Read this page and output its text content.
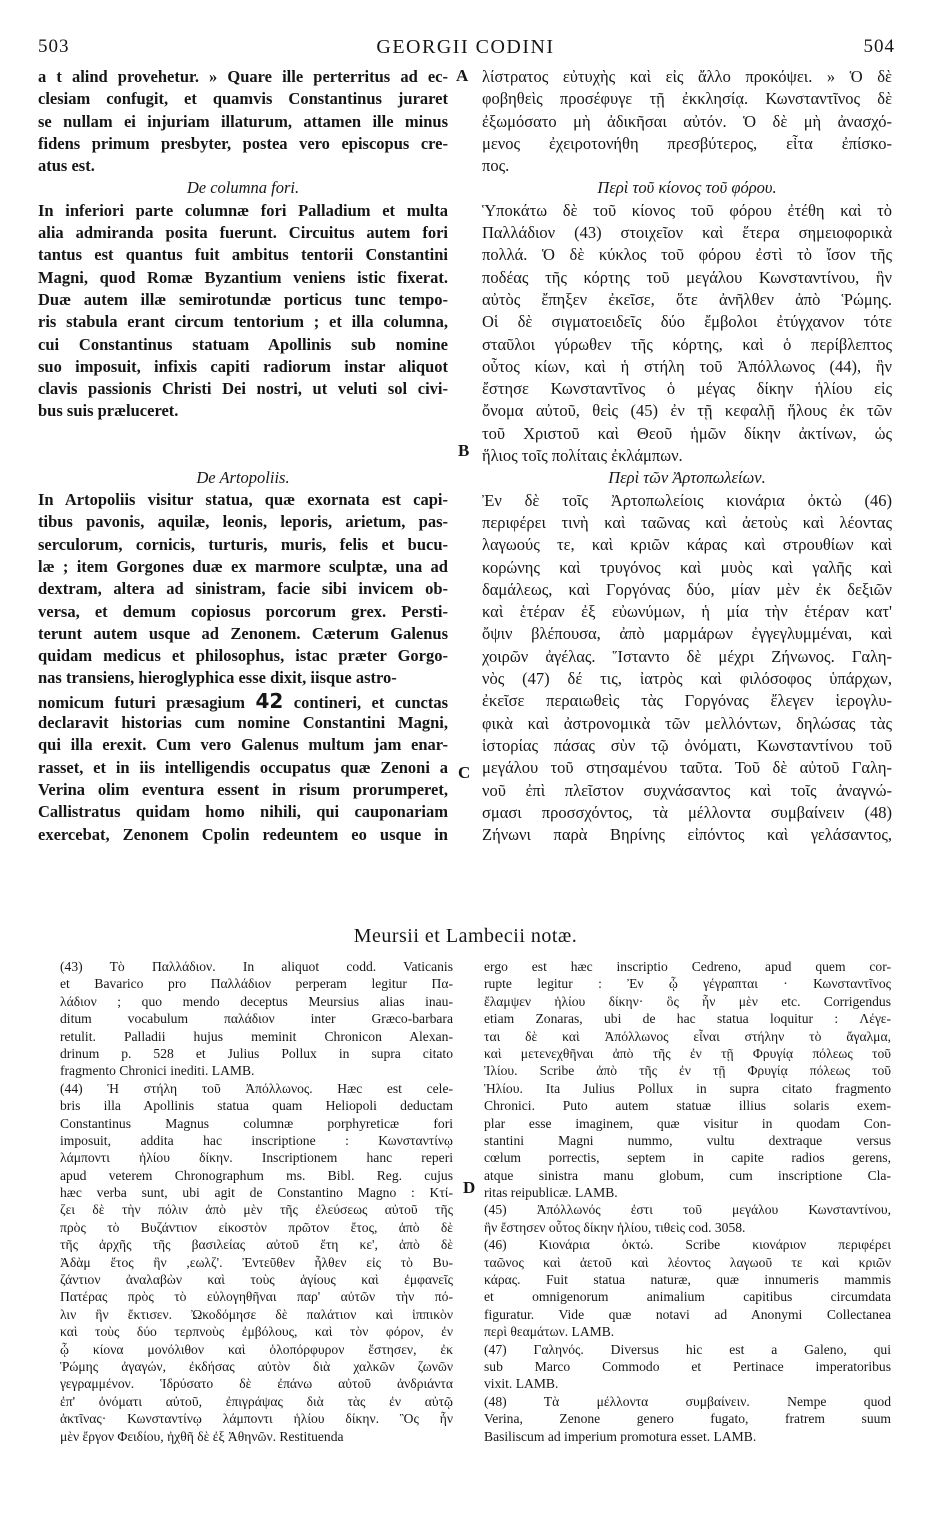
503	GEORGII CODINI	504
a t alind provehetur. » Quare ille perterritus ad ec-
clesiam confugit, et quamvis Constantinus juraret
se nullam ei injuriam illaturum, attamen ille minus
fidens primum presbyter, postea vero episcopus cre-
atus est.
De columna fori.
In inferiori parte columnæ fori Palladium et multa
alia admiranda posita fuerunt. Circuitus autem fori
tantus est quantus fuit ambitus tentorii Constantini
Magni, quod Romæ Byzantium veniens istic fixerat.
Duæ autem illæ semirotundæ porticus tunc tempo-
ris stabula erant circum tentorium ; et illa columna,
cui Constantinus statuam Apollinis sub nomine
suo imposuit, infixis capiti radiorum instar aliquot
clavis passionis Christi Dei nostri, ut veluti sol civi-
bus suis præluceret.
De Artopoliis.
In Artopoliis visitur statua, quæ exornata est capi-
tibus pavonis, aquilæ, leonis, leporis, arietum, pas-
serculorum, cornicis, turturis, muris, felis et bucu-
læ ; item Gorgones duæ ex marmore sculptæ, una ad
dextram, altera ad sinistram, facie sibi invicem ob-
versa, et demum copiosus porcorum grex. Persti-
terunt autem usque ad Zenonem. Cæterum Galenus
quidam medicus et philosophus, istac præter Gorgo-
nas transiens, hieroglyphica esse dixit, iisque astro-
nomicum futuri præsagium 42 contineri, et cunctas
declaravit historias cum nomine Constantini Magni,
qui illa erexit. Cum vero Galenus multum jam enar-
rasset, et in iis intelligendis occupatus quæ Zenoni a
Verina olim eventura essent in risum prorumperet,
Callistratus quidam homo nihili, qui cauponariam
exercebat, Zenonem Cpolin redeuntem eo usque in
λίστρατος εὐτυχὴς καὶ εἰς ἄλλο προκόψει. » Ὁ δὲ
φοβηθεὶς προσέφυγε τῇ ἐκκλησίᾳ. Κωνσταντῖνος δὲ
ἐξωμόσατο μὴ ἀδικῆσαι αὐτόν. Ὁ δὲ μὴ ἀνασχό-
μενος ἐχειροτονήθη πρεσβύτερος, εἶτα ἐπίσκο-
πος.
Περὶ τοῦ κίονος τοῦ φόρου.
Ὑποκάτω δὲ τοῦ κίονος τοῦ φόρου ἐτέθη καὶ τὸ
Παλλάδιον (43) στοιχεῖον καὶ ἕτερα σημειοφορικὰ
πολλά. Ὁ δὲ κύκλος τοῦ φόρου ἐστὶ τὸ ἴσον τῆς
ποδέας τῆς κόρτης τοῦ μεγάλου Κωνσταντίνου, ἣν
αὐτὸς ἔπηξεν ἐκεῖσε, ὅτε ἀνῆλθεν ἀπὸ Ῥώμης.
Οἱ δὲ σιγματοειδεῖς δύο ἔμβολοι ἐτύγχανον τότε
σταῦλοι γύρωθεν τῆς κόρτης, καὶ ὁ περίβλεπτος
οὗτος κίων, καὶ ἡ στήλη τοῦ Ἀπόλλωνος (44), ἣν
ἔστησε Κωνσταντῖνος ὁ μέγας δίκην ἡλίου εἰς
ὄνομα αὐτοῦ, θεὶς (45) ἐν τῇ κεφαλῇ ἥλους ἐκ τῶν
τοῦ Χριστοῦ καὶ Θεοῦ ἡμῶν δίκην ἀκτίνων, ὡς
ἥλιος τοῖς πολίταις ἐκλάμπων.
Περὶ τῶν Ἀρτοπωλείων.
Ἐν δὲ τοῖς Ἀρτοπωλείοις κιονάρια ὀκτὼ (46)
περιφέρει τινὴ καὶ ταῶνας καὶ ἀετοὺς καὶ λέοντας
λαγωούς τε, καὶ κριῶν κάρας καὶ στρουθίων καὶ
κορώνης καὶ τρυγόνος καὶ μυὸς καὶ γαλῆς καὶ
δαμάλεως, καὶ Γοργόνας δύο, μίαν μὲν ἐκ δεξιῶν
καὶ ἑτέραν ἐξ εὐωνύμων, ἡ μία τὴν ἑτέραν κατ'
ὄψιν βλέπουσα, ἀπὸ μαρμάρων ἐγγεγλυμμέναι, καὶ
χοιρῶν ἀγέλας. Ἵσταντο δὲ μέχρι Ζήνωνος. Γαλη-
νὸς (47) δέ τις, ἰατρὸς καὶ φιλόσοφος ὑπάρχων,
ἐκεῖσε περαιωθεὶς τὰς Γοργόνας ἔλεγεν ἱερογλυ-
φικὰ καὶ ἀστρονομικὰ τῶν μελλόντων, δηλώσας τὰς
ἱστορίας πάσας σὺν τῷ ὀνόματι, Κωνσταντίνου τοῦ
μεγάλου τοῦ στησαμένου ταῦτα. Τοῦ δὲ αὐτοῦ Γαλη-
νοῦ ἐπὶ πλεῖστον συχνάσαντος καὶ τοῖς ἀναγνώ-
σμασι προσσχόντος, τὰ μέλλοντα συμβαίνειν (48)
Ζήνωνι παρὰ Βηρίνης εἰπόντος καὶ γελάσαντος,
A
B
C
D
Meursii et Lambecii notæ.
(43) Τὸ Παλλάδιον. In aliquot codd. Vaticanis
et Bavarico pro Παλλάδιον perperam legitur Πα-
λάδιον ; quo mendo deceptus Meursius alias inau-
ditum vocabulum παλάδιον inter Græco-barbara
retulit. Palladii hujus meminit Chronicon Alexan-
drinum p. 528 et Julius Pollux in supra citato
fragmento Chronici inediti. LAMB.
(44) Ἡ στήλη τοῦ Ἀπόλλωνος. Hæc est cele-
bris illa Apollinis statua quam Heliopoli deductam
Constantinus Magnus columnæ porphyreticæ fori
imposuit, addita hac inscriptione : Κωνσταντίνῳ
λάμποντι ἡλίου δίκην. Inscriptionem hanc reperi
apud veterem Chronographum ms. Bibl. Reg. cujus
hæc verba sunt, ubi agit de Constantino Magno : Κτί-
ζει δὲ τὴν πόλιν ἀπὸ μὲν τῆς ἐλεύσεως αὐτοῦ τῆς
πρὸς τὸ Βυζάντιον εἰκοστὸν πρῶτον ἔτος, ἀπὸ δὲ
τῆς ἀρχῆς τῆς βασιλείας αὐτοῦ ἔτη κε', ἀπὸ δὲ
Ἀδὰμ ἔτος ἣν ,εωλζ'. Ἐντεῦθεν ἦλθεν εἰς τὸ Βυ-
ζάντιον ἀναλαβὼν καὶ τοὺς ἁγίους καὶ ἐμφανεῖς
Πατέρας πρὸς τὸ εὐλογηθῆναι παρ' αὐτῶν τὴν πό-
λιν ἣν ἔκτισεν. Ὠκοδόμησε δὲ παλάτιον καὶ ἱππικὸν
καὶ τοὺς δύο τερπνοὺς ἐμβόλους, καὶ τὸν φόρον, ἐν
ᾧ κίονα μονόλιθον καὶ ὁλοπόρφυρον ἔστησεν, ἐκ
Ῥώμης ἀγαγών, ἐκδήσας αὐτὸν διὰ χαλκῶν ζωνῶν
γεγραμμένον. Ἱδρύσατο δὲ ἐπάνω αὐτοῦ ἀνδριάντα
ἐπ' ὀνόματι αὐτοῦ, ἐπιγράψας διὰ τὰς ἐν αὐτῷ
ἀκτῖνας· Κωνσταντίνῳ λάμποντι ἡλίου δίκην. Ὃς ἦν
μὲν ἔργον Φειδίου, ἠχθῆ δὲ ἐξ Ἀθηνῶν. Restituenda
ergo est hæc inscriptio Cedreno, apud quem cor-
rupte legitur : Ἐν ᾧ γέγραπται · Κωνσταντῖνος
ἔλαμψεν ἡλίου δίκην· ὃς ἦν μὲν etc. Corrigendus
etiam Zonaras, ubi de hac statua loquitur : Λέγε-
ται δὲ καὶ Ἀπόλλωνος εἶναι στήλην τὸ ἄγαλμα,
καὶ μετενεχθῆναι ἀπὸ τῆς ἐν τῇ Φρυγίᾳ πόλεως τοῦ
Ἰλίου. Scribe ἀπὸ τῆς ἐν τῇ Φρυγίᾳ πόλεως τοῦ
Ἡλίου. Ita Julius Pollux in supra citato fragmento
Chronici. Puto autem statuæ illius solaris exem-
plar esse imaginem, quæ visitur in quodam Con-
stantini Magni nummo, vultu dextraque versus
cœlum porrectis, septem in capite radios gerens,
atque sinistra manu globum, cum inscriptione Cla-
ritas reipublicæ. LAMB.
(45) Ἀπόλλωνός ἐστι τοῦ μεγάλου Κωνσταντίνου,
ἣν ἔστησεν οὗτος δίκην ἡλίου, τιθεὶς cod. 3058.
(46) Κιονάρια ὀκτώ. Scribe κιονάριον περιφέρει
ταῶνος καὶ ἀετοῦ καὶ λέοντος λαγωοῦ τε καὶ κριῶν
κάρας. Fuit statua naturæ, quæ innumeris mammis
et omnigenorum animalium capitibus circumdata
figuratur. Vide quæ notavi ad Anonymi Collectanea
περὶ θεαμάτων. LAMB.
(47) Γαληνός. Diversus hic est a Galeno, qui
sub Marco Commodo et Pertinace imperatoribus
vixit. LAMB.
(48) Τὰ μέλλοντα συμβαίνειν. Nempe quod
Verina, Zenone genero fugato, fratrem suum
Basiliscum ad imperium promotura esset. LAMB.
